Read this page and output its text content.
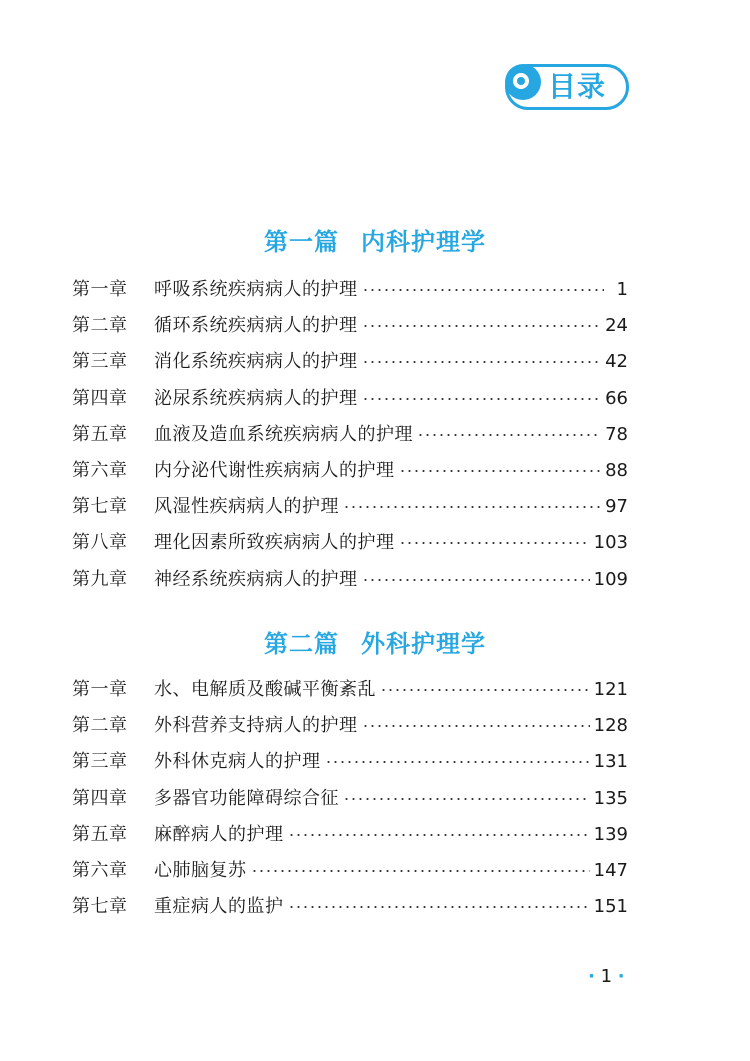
目录
第一篇 内科护理学
第一章	呼吸系统疾病病人的护理	1
第二章	循环系统疾病病人的护理	24
第三章	消化系统疾病病人的护理	42
第四章	泌尿系统疾病病人的护理	66
第五章	血液及造血系统疾病病人的护理	78
第六章	内分泌代谢性疾病病人的护理	88
第七章	风湿性疾病病人的护理	97
第八章	理化因素所致疾病病人的护理	103
第九章	神经系统疾病病人的护理	109
第二篇 外科护理学
第一章	水、电解质及酸碱平衡紊乱	121
第二章	外科营养支持病人的护理	128
第三章	外科休克病人的护理	131
第四章	多器官功能障碍综合征	135
第五章	麻醉病人的护理	139
第六章	心肺脑复苏	147
第七章	重症病人的监护	151
· 1 ·
